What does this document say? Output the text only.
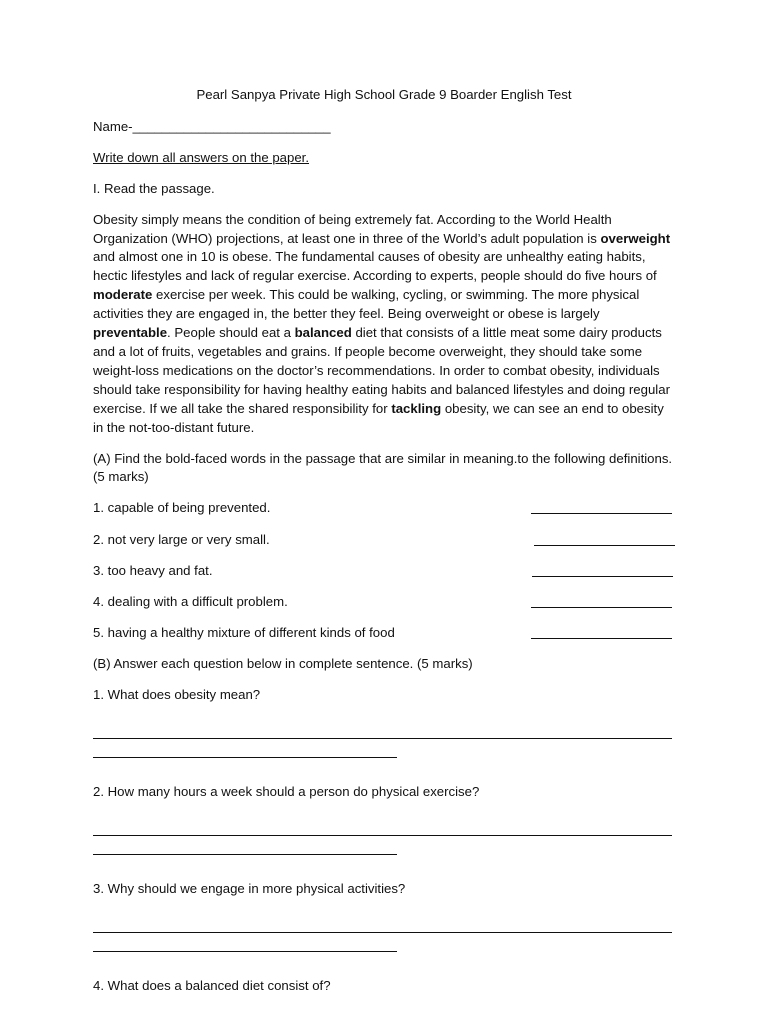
Pearl Sanpya Private High School Grade 9 Boarder English Test
Name-___________________________
Write down all answers on the paper.
I. Read the passage.
Obesity simply means the condition of being extremely fat. According to the World Health Organization (WHO) projections, at least one in three of the World’s adult population is overweight and almost one in 10 is obese. The fundamental causes of obesity are unhealthy eating habits, hectic lifestyles and lack of regular exercise. According to experts, people should do five hours of moderate exercise per week. This could be walking, cycling, or swimming. The more physical activities they are engaged in, the better they feel. Being overweight or obese is largely preventable. People should eat a balanced diet that consists of a little meat some dairy products and a lot of fruits, vegetables and grains. If people become overweight, they should take some weight-loss medications on the doctor’s recommendations. In order to combat obesity, individuals should take responsibility for having healthy eating habits and balanced lifestyles and doing regular exercise. If we all take the shared responsibility for tackling obesity, we can see an end to obesity in the not-too-distant future.
(A) Find the bold-faced words in the passage that are similar in meaning.to the following definitions. (5 marks)
1. capable of being prevented.
2. not very large or very small.
3. too heavy and fat.
4. dealing with a difficult problem.
5. having a healthy mixture of different kinds of food
(B) Answer each question below in complete sentence. (5 marks)
1. What does obesity mean?
2. How many hours a week should a person do physical exercise?
3. Why should we engage in more physical activities?
4. What does a balanced diet consist of?
